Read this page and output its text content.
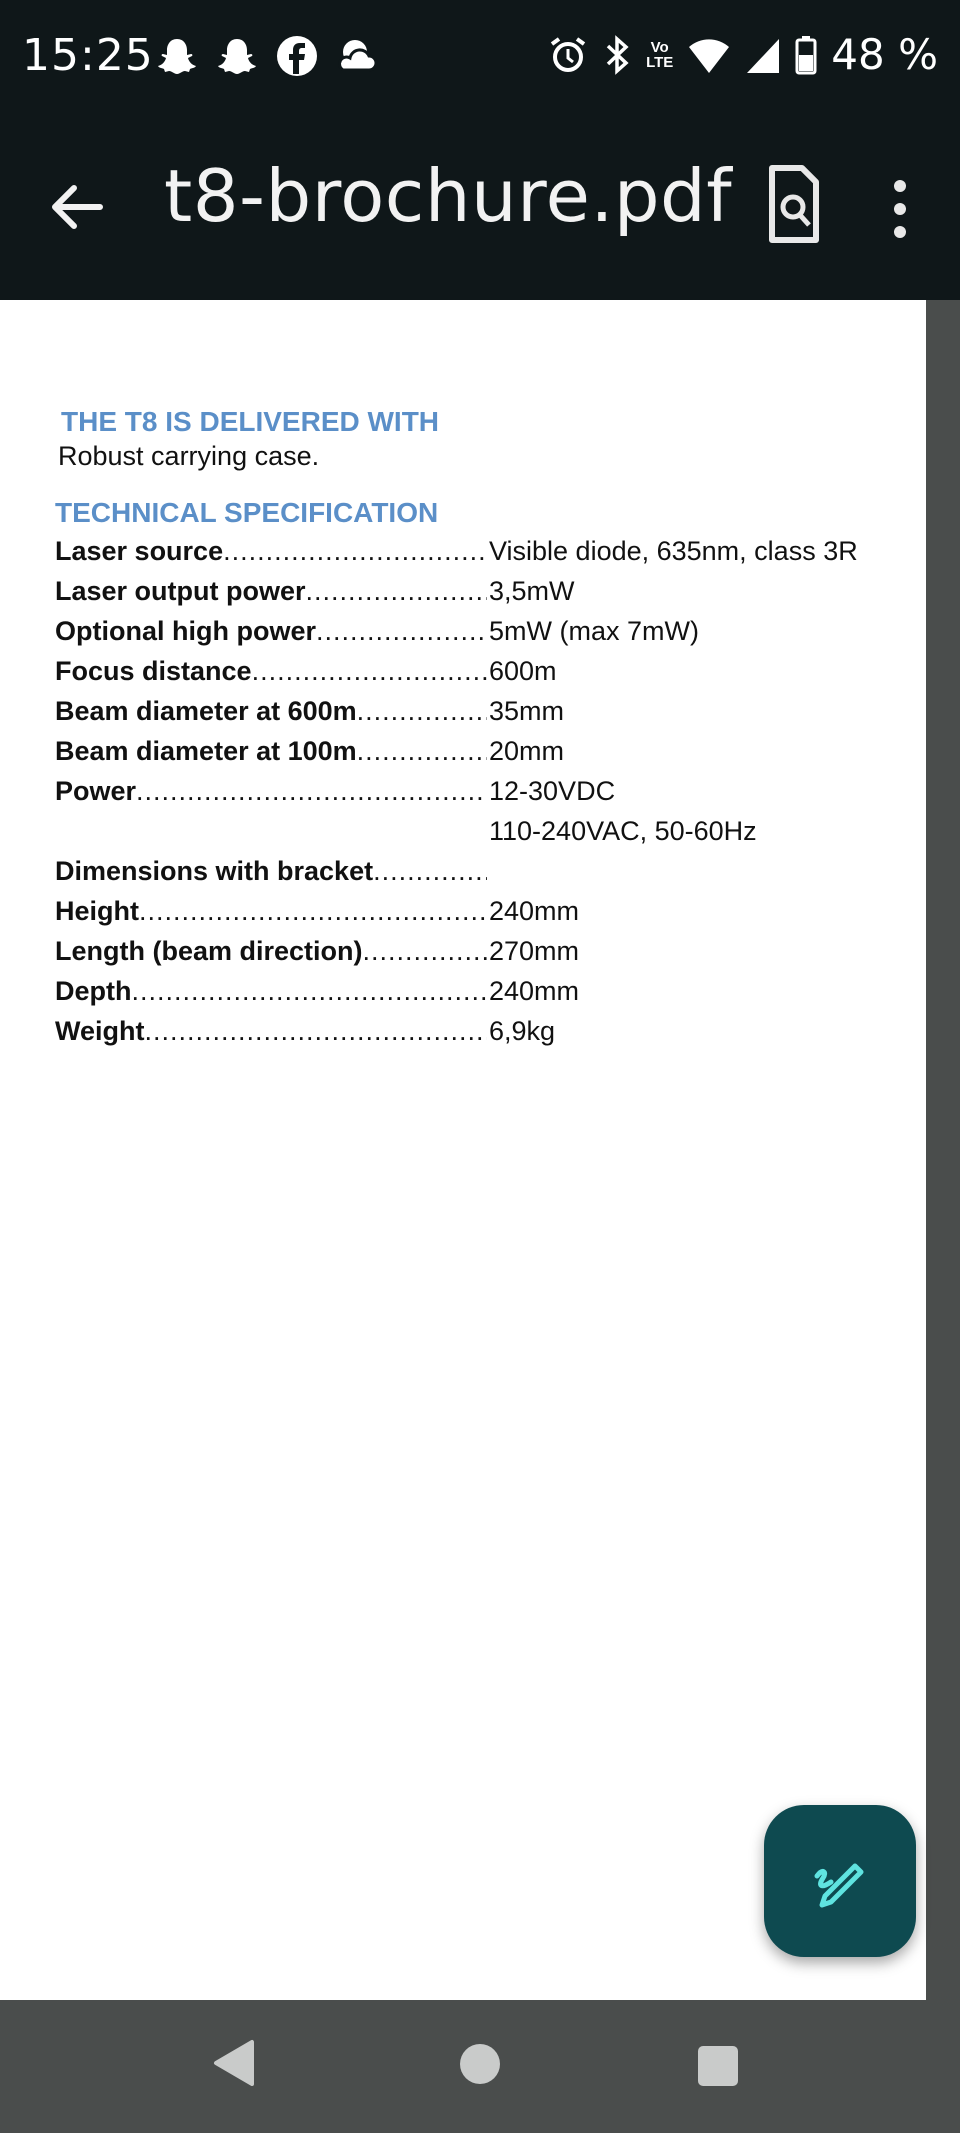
15:25	Vo
LTE	48 %
t8-brochure.pdf
THE T8 IS DELIVERED WITH
Robust carrying case.
TECHNICAL SPECIFICATION
Laser source .....	Visible diode, 635nm, class 3R
Laser output power .....	3,5mW
Optional high power .....	5mW (max 7mW)
Focus distance .....	600m
Beam diameter at 600m .....	35mm
Beam diameter at 100m .....	20mm
Power .....	12-30VDC
110-240VAC, 50-60Hz
Dimensions with bracket
.....
Height .....	240mm
Length (beam direction) .....	270mm
Depth .....	240mm
Weight .....	6,9kg
